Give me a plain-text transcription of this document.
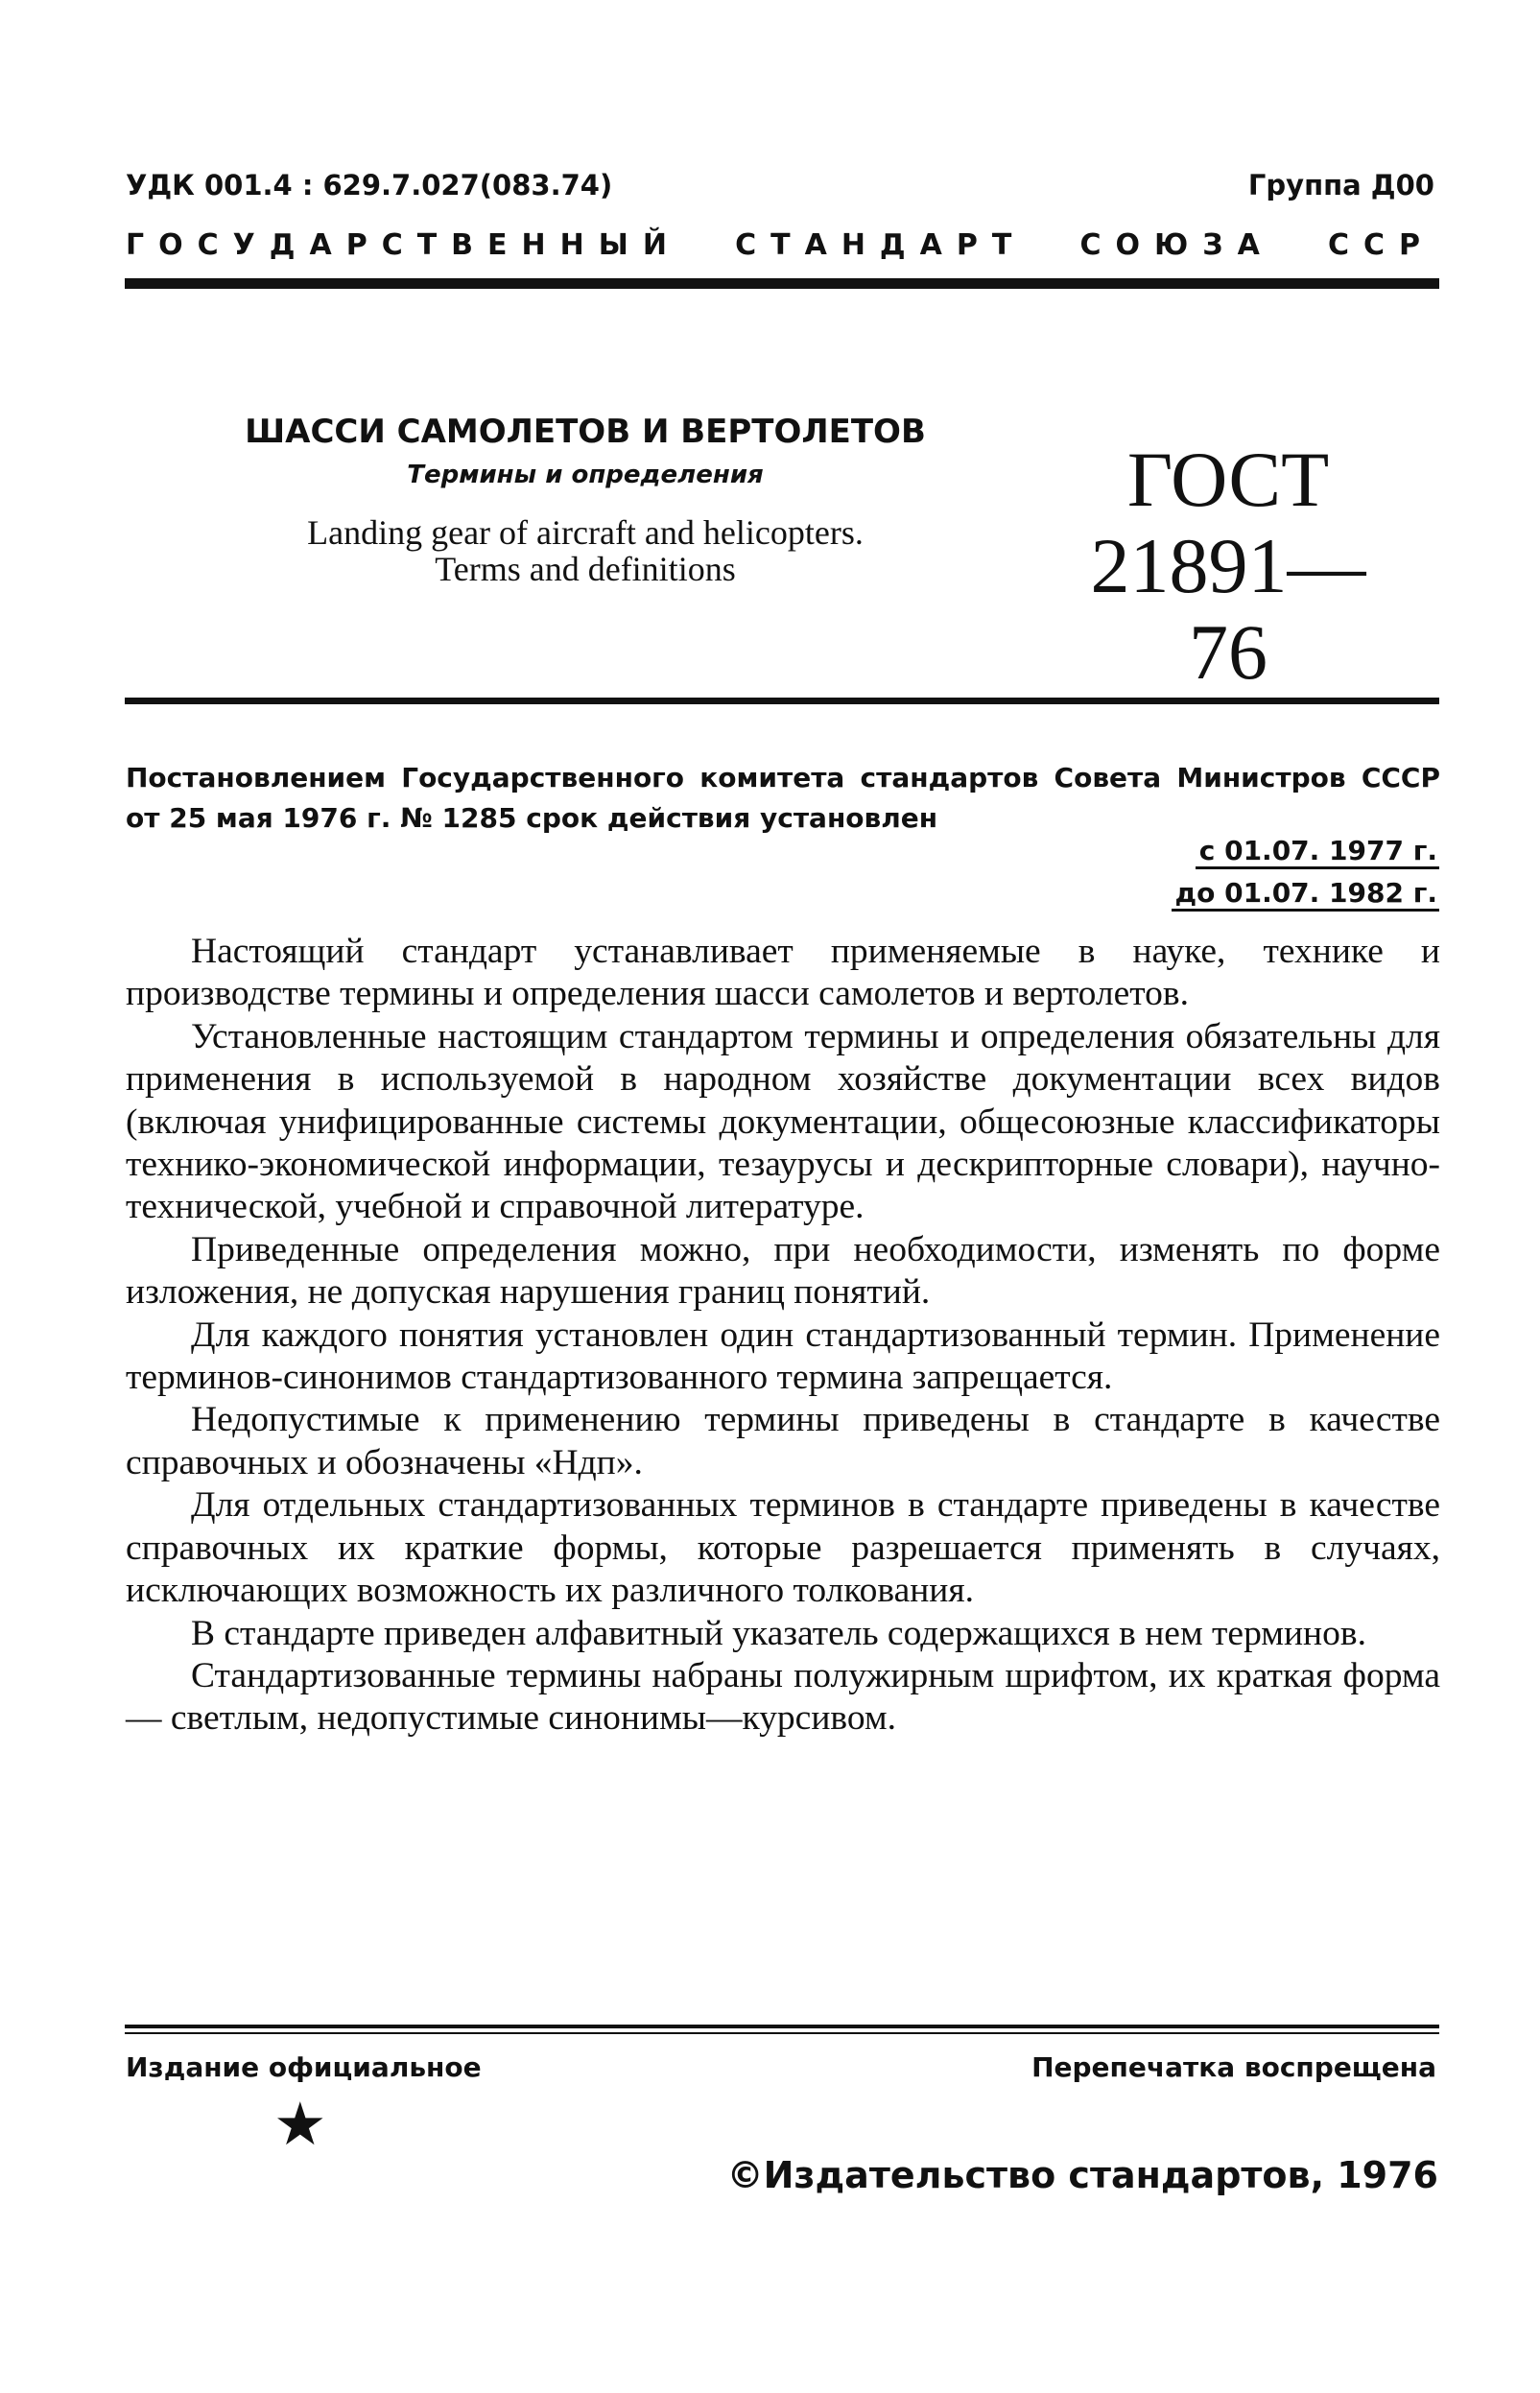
УДК 001.4 : 629.7.027(083.74)	Группа Д00
ГОСУДАРСТВЕННЫЙ СТАНДАРТ СОЮЗА ССР

ШАССИ САМОЛЕТОВ И ВЕРТОЛЕТОВ

Термины и определения

Landing gear of aircraft and helicopters.
Terms and definitions

ГОСТ

21891—76

Постановлением Государственного комитета стандартов Совета Министров СССР от 25 мая 1976 г. № 1285 срок действия установлен
с 01.07. 1977 г.
до 01.07. 1982 г.

Настоящий стандарт устанавливает применяемые в науке, технике и производстве термины и определения шасси самолетов и вертолетов.

Установленные настоящим стандартом термины и определения обязательны для применения в используемой в народном хозяйстве документации всех видов (включая унифицированные системы документации, общесоюзные классификаторы технико-экономической информации, тезаурусы и дескрипторные словари), научно-технической, учебной и справочной литературе.

Приведенные определения можно, при необходимости, изменять по форме изложения, не допуская нарушения границ понятий.

Для каждого понятия установлен один стандартизованный термин. Применение терминов-синонимов стандартизованного термина запрещается.

Недопустимые к применению термины приведены в стандарте в качестве справочных и обозначены «Ндп».

Для отдельных стандартизованных терминов в стандарте приведены в качестве справочных их краткие формы, которые разрешается применять в случаях, исключающих возможность их различного толкования.

В стандарте приведен алфавитный указатель содержащихся в нем терминов.

Стандартизованные термины набраны полужирным шрифтом, их краткая форма — светлым, недопустимые синонимы—курсивом.

Издание официальное	Перепечатка воспрещена
★
©Издательство стандартов, 1976
